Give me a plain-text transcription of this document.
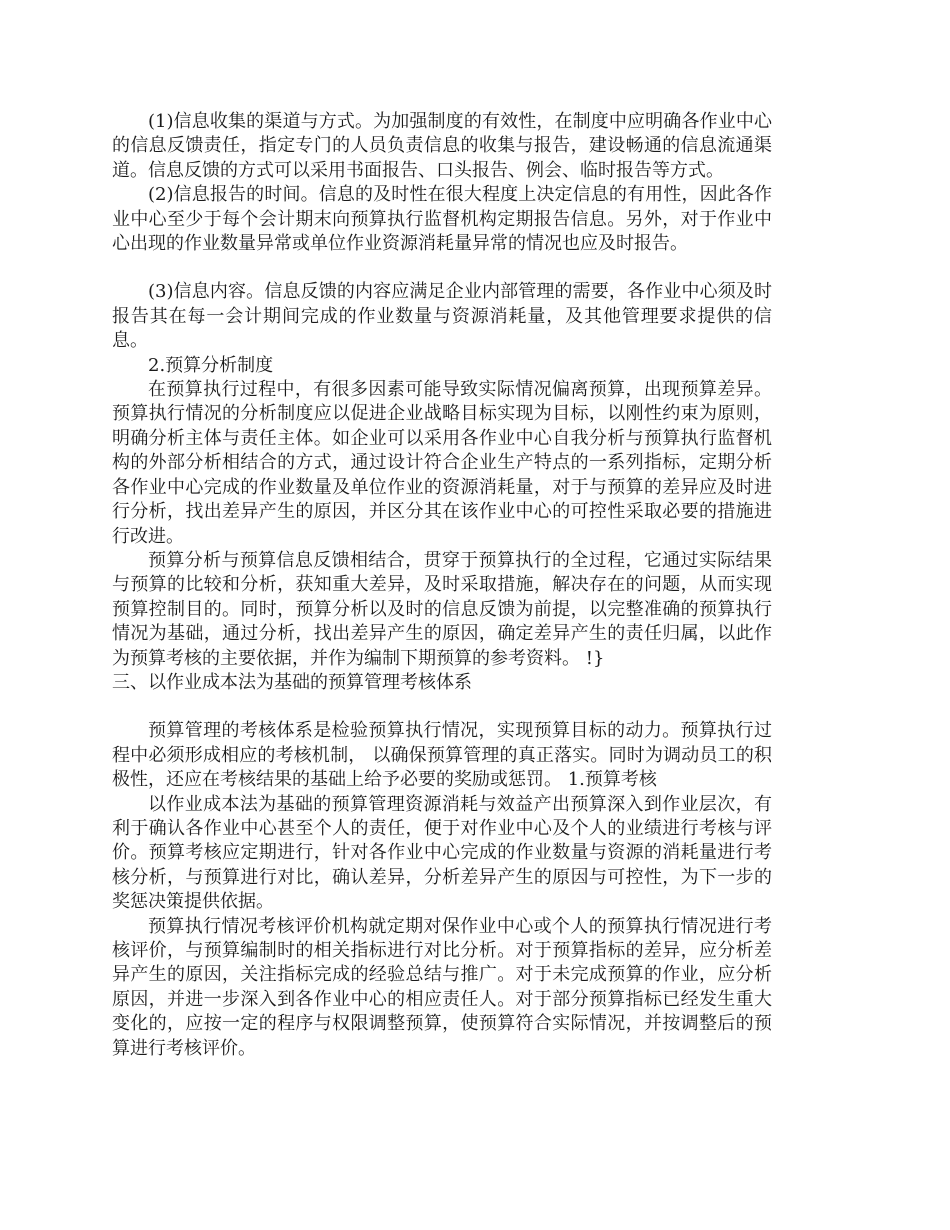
(1)信息收集的渠道与方式。为加强制度的有效性，在制度中应明确各作业中心的信息反馈责任，指定专门的人员负责信息的收集与报告，建设畅通的信息流通渠道。信息反馈的方式可以采用书面报告、口头报告、例会、临时报告等方式。

(2)信息报告的时间。信息的及时性在很大程度上决定信息的有用性，因此各作业中心至少于每个会计期末向预算执行监督机构定期报告信息。另外，对于作业中心出现的作业数量异常或单位作业资源消耗量异常的情况也应及时报告。

(3)信息内容。信息反馈的内容应满足企业内部管理的需要，各作业中心须及时报告其在每一会计期间完成的作业数量与资源消耗量，及其他管理要求提供的信息。

2.预算分析制度

在预算执行过程中，有很多因素可能导致实际情况偏离预算，出现预算差异。预算执行情况的分析制度应以促进企业战略目标实现为目标，以刚性约束为原则，明确分析主体与责任主体。如企业可以采用各作业中心自我分析与预算执行监督机构的外部分析相结合的方式，通过设计符合企业生产特点的一系列指标，定期分析各作业中心完成的作业数量及单位作业的资源消耗量，对于与预算的差异应及时进行分析，找出差异产生的原因，并区分其在该作业中心的可控性采取必要的措施进行改进。

预算分析与预算信息反馈相结合，贯穿于预算执行的全过程，它通过实际结果与预算的比较和分析，获知重大差异，及时采取措施，解决存在的问题，从而实现预算控制目的。同时，预算分析以及时的信息反馈为前提，以完整准确的预算执行情况为基础，通过分析，找出差异产生的原因，确定差异产生的责任归属，以此作为预算考核的主要依据，并作为编制下期预算的参考资料。 !}

三、以作业成本法为基础的预算管理考核体系

预算管理的考核体系是检验预算执行情况，实现预算目标的动力。预算执行过程中必须形成相应的考核机制， 以确保预算管理的真正落实。同时为调动员工的积极性，还应在考核结果的基础上给予必要的奖励或惩罚。 1.预算考核

以作业成本法为基础的预算管理资源消耗与效益产出预算深入到作业层次，有利于确认各作业中心甚至个人的责任，便于对作业中心及个人的业绩进行考核与评价。预算考核应定期进行，针对各作业中心完成的作业数量与资源的消耗量进行考核分析，与预算进行对比，确认差异，分析差异产生的原因与可控性，为下一步的奖惩决策提供依据。

预算执行情况考核评价机构就定期对保作业中心或个人的预算执行情况进行考核评价，与预算编制时的相关指标进行对比分析。对于预算指标的差异，应分析差异产生的原因，关注指标完成的经验总结与推广。对于未完成预算的作业，应分析原因，并进一步深入到各作业中心的相应责任人。对于部分预算指标已经发生重大变化的，应按一定的程序与权限调整预算，使预算符合实际情况，并按调整后的预算进行考核评价。
